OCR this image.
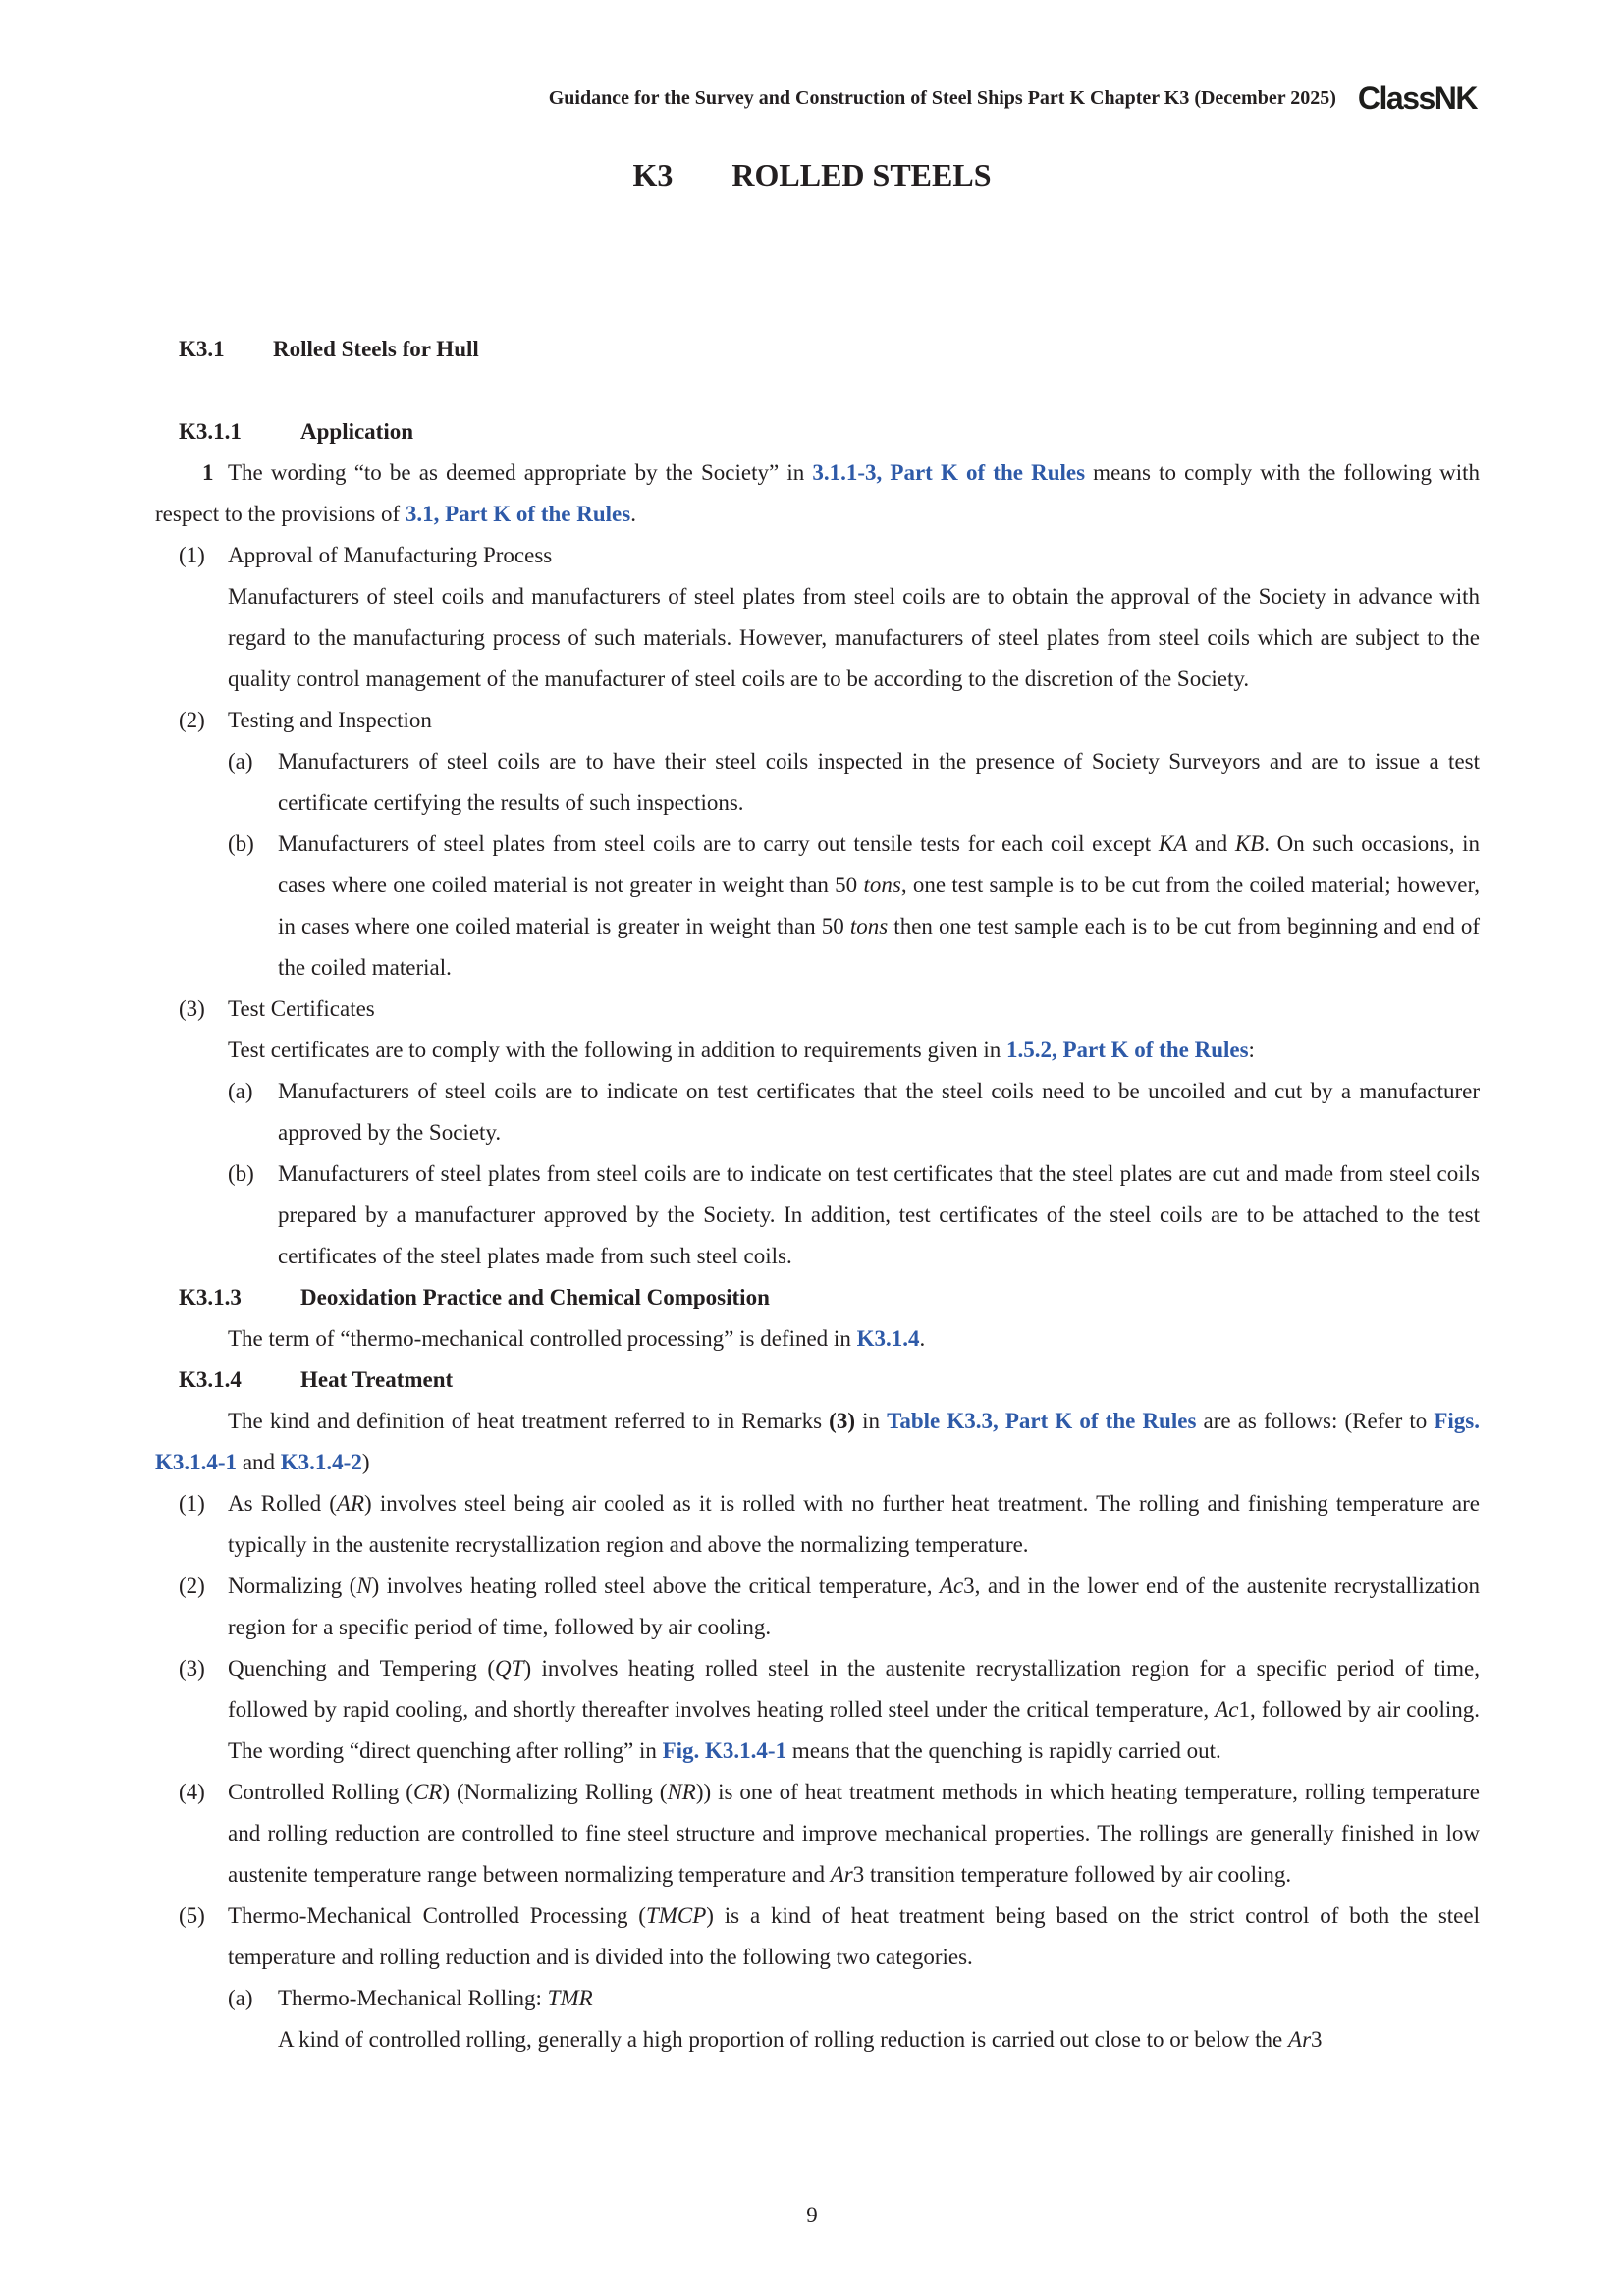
Guidance for the Survey and Construction of Steel Ships Part K Chapter K3 (December 2025) ClassNK
K3 ROLLED STEELS

K3.1 Rolled Steels for Hull

K3.1.1	Application

1 The wording “to be as deemed appropriate by the Society” in 3.1.1-3, Part K of the Rules means to comply with the following with respect to the provisions of 3.1, Part K of the Rules.

(1)	Approval of Manufacturing Process

Manufacturers of steel coils and manufacturers of steel plates from steel coils are to obtain the approval of the Society in advance with regard to the manufacturing process of such materials. However, manufacturers of steel plates from steel coils which are subject to the quality control management of the manufacturer of steel coils are to be according to the discretion of the Society.

(2)	Testing and Inspection
(a)	Manufacturers of steel coils are to have their steel coils inspected in the presence of Society Surveyors and are to issue a test certificate certifying the results of such inspections.
(b)	Manufacturers of steel plates from steel coils are to carry out tensile tests for each coil except KA and KB. On such occasions, in cases where one coiled material is not greater in weight than 50 tons, one test sample is to be cut from the coiled material; however, in cases where one coiled material is greater in weight than 50 tons then one test sample each is to be cut from beginning and end of the coiled material.
(3)	Test Certificates

Test certificates are to comply with the following in addition to requirements given in 1.5.2, Part K of the Rules:

(a)	Manufacturers of steel coils are to indicate on test certificates that the steel coils need to be uncoiled and cut by a manufacturer approved by the Society.
(b)	Manufacturers of steel plates from steel coils are to indicate on test certificates that the steel plates are cut and made from steel coils prepared by a manufacturer approved by the Society. In addition, test certificates of the steel coils are to be attached to the test certificates of the steel plates made from such steel coils.

K3.1.3	Deoxidation Practice and Chemical Composition

The term of “thermo-mechanical controlled processing” is defined in K3.1.4.

K3.1.4	Heat Treatment

The kind and definition of heat treatment referred to in Remarks (3) in Table K3.3, Part K of the Rules are as follows: (Refer to Figs. K3.1.4-1 and K3.1.4-2)

(1)	As Rolled (AR) involves steel being air cooled as it is rolled with no further heat treatment. The rolling and finishing temperature are typically in the austenite recrystallization region and above the normalizing temperature.
(2)	Normalizing (N) involves heating rolled steel above the critical temperature, Ac3, and in the lower end of the austenite recrystallization region for a specific period of time, followed by air cooling.
(3)	Quenching and Tempering (QT) involves heating rolled steel in the austenite recrystallization region for a specific period of time, followed by rapid cooling, and shortly thereafter involves heating rolled steel under the critical temperature, Ac1, followed by air cooling. The wording “direct quenching after rolling” in Fig. K3.1.4-1 means that the quenching is rapidly carried out.
(4)	Controlled Rolling (CR) (Normalizing Rolling (NR)) is one of heat treatment methods in which heating temperature, rolling temperature and rolling reduction are controlled to fine steel structure and improve mechanical properties. The rollings are generally finished in low austenite temperature range between normalizing temperature and Ar3 transition temperature followed by air cooling.
(5)	Thermo-Mechanical Controlled Processing (TMCP) is a kind of heat treatment being based on the strict control of both the steel temperature and rolling reduction and is divided into the following two categories.
(a)	Thermo-Mechanical Rolling: TMR

A kind of controlled rolling, generally a high proportion of rolling reduction is carried out close to or below the Ar3

9
